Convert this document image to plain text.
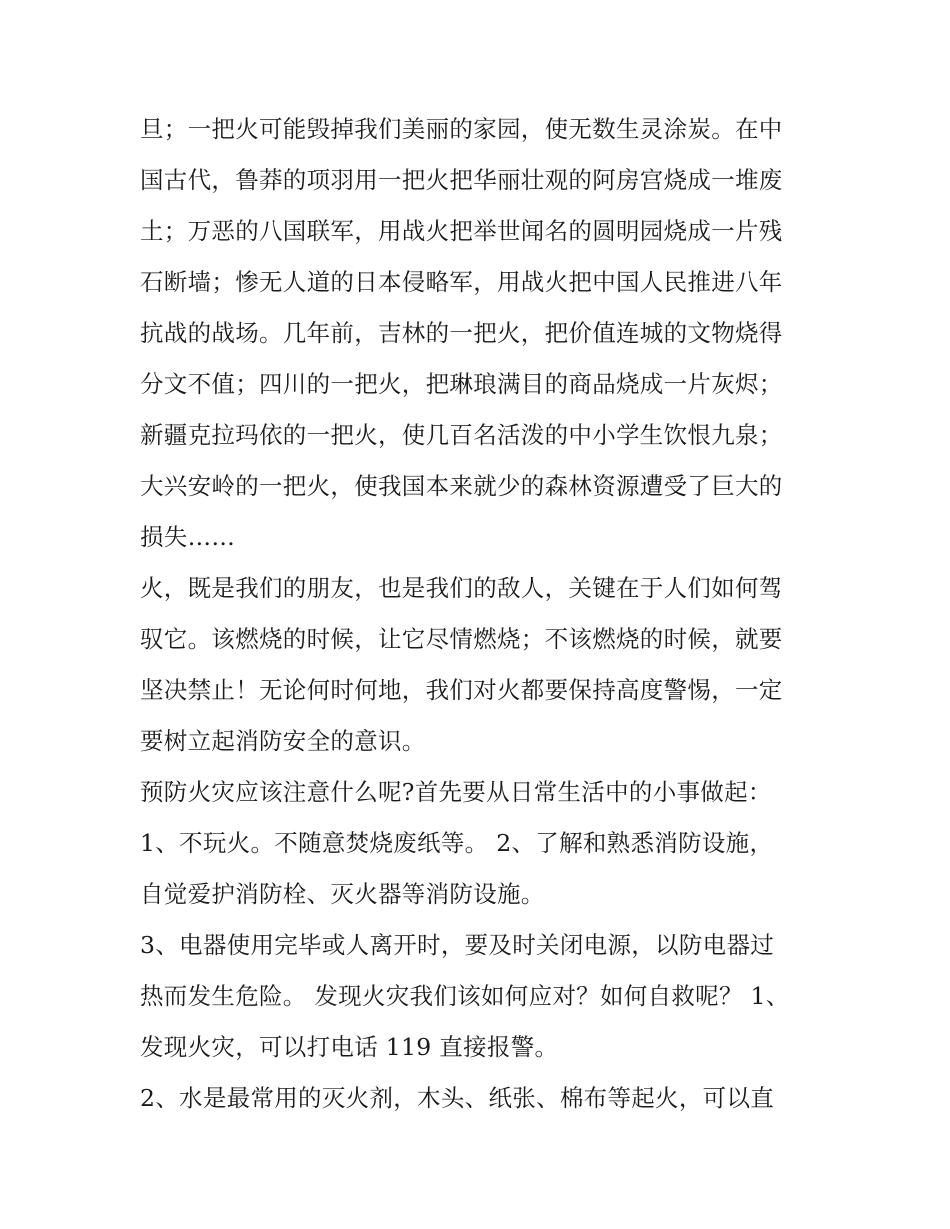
旦；一把火可能毁掉我们美丽的家园，使无数生灵涂炭。在中
国古代，鲁莽的项羽用一把火把华丽壮观的阿房宫烧成一堆废
土；万恶的八国联军，用战火把举世闻名的圆明园烧成一片残
石断墙；惨无人道的日本侵略军，用战火把中国人民推进八年
抗战的战场。几年前，吉林的一把火，把价值连城的文物烧得
分文不值；四川的一把火，把琳琅满目的商品烧成一片灰烬；
新疆克拉玛依的一把火，使几百名活泼的中小学生饮恨九泉；
大兴安岭的一把火，使我国本来就少的森林资源遭受了巨大的
损失……
火，既是我们的朋友，也是我们的敌人，关键在于人们如何驾
驭它。该燃烧的时候，让它尽情燃烧；不该燃烧的时候，就要
坚决禁止！无论何时何地，我们对火都要保持高度警惕，一定
要树立起消防安全的意识。
预防火灾应该注意什么呢?首先要从日常生活中的小事做起：
1、不玩火。不随意焚烧废纸等。 2、了解和熟悉消防设施，
自觉爱护消防栓、灭火器等消防设施。
3、电器使用完毕或人离开时，要及时关闭电源，以防电器过
热而发生危险。 发现火灾我们该如何应对？如何自救呢？ 1、
发现火灾，可以打电话 119 直接报警。
2、水是最常用的灭火剂，木头、纸张、棉布等起火，可以直
